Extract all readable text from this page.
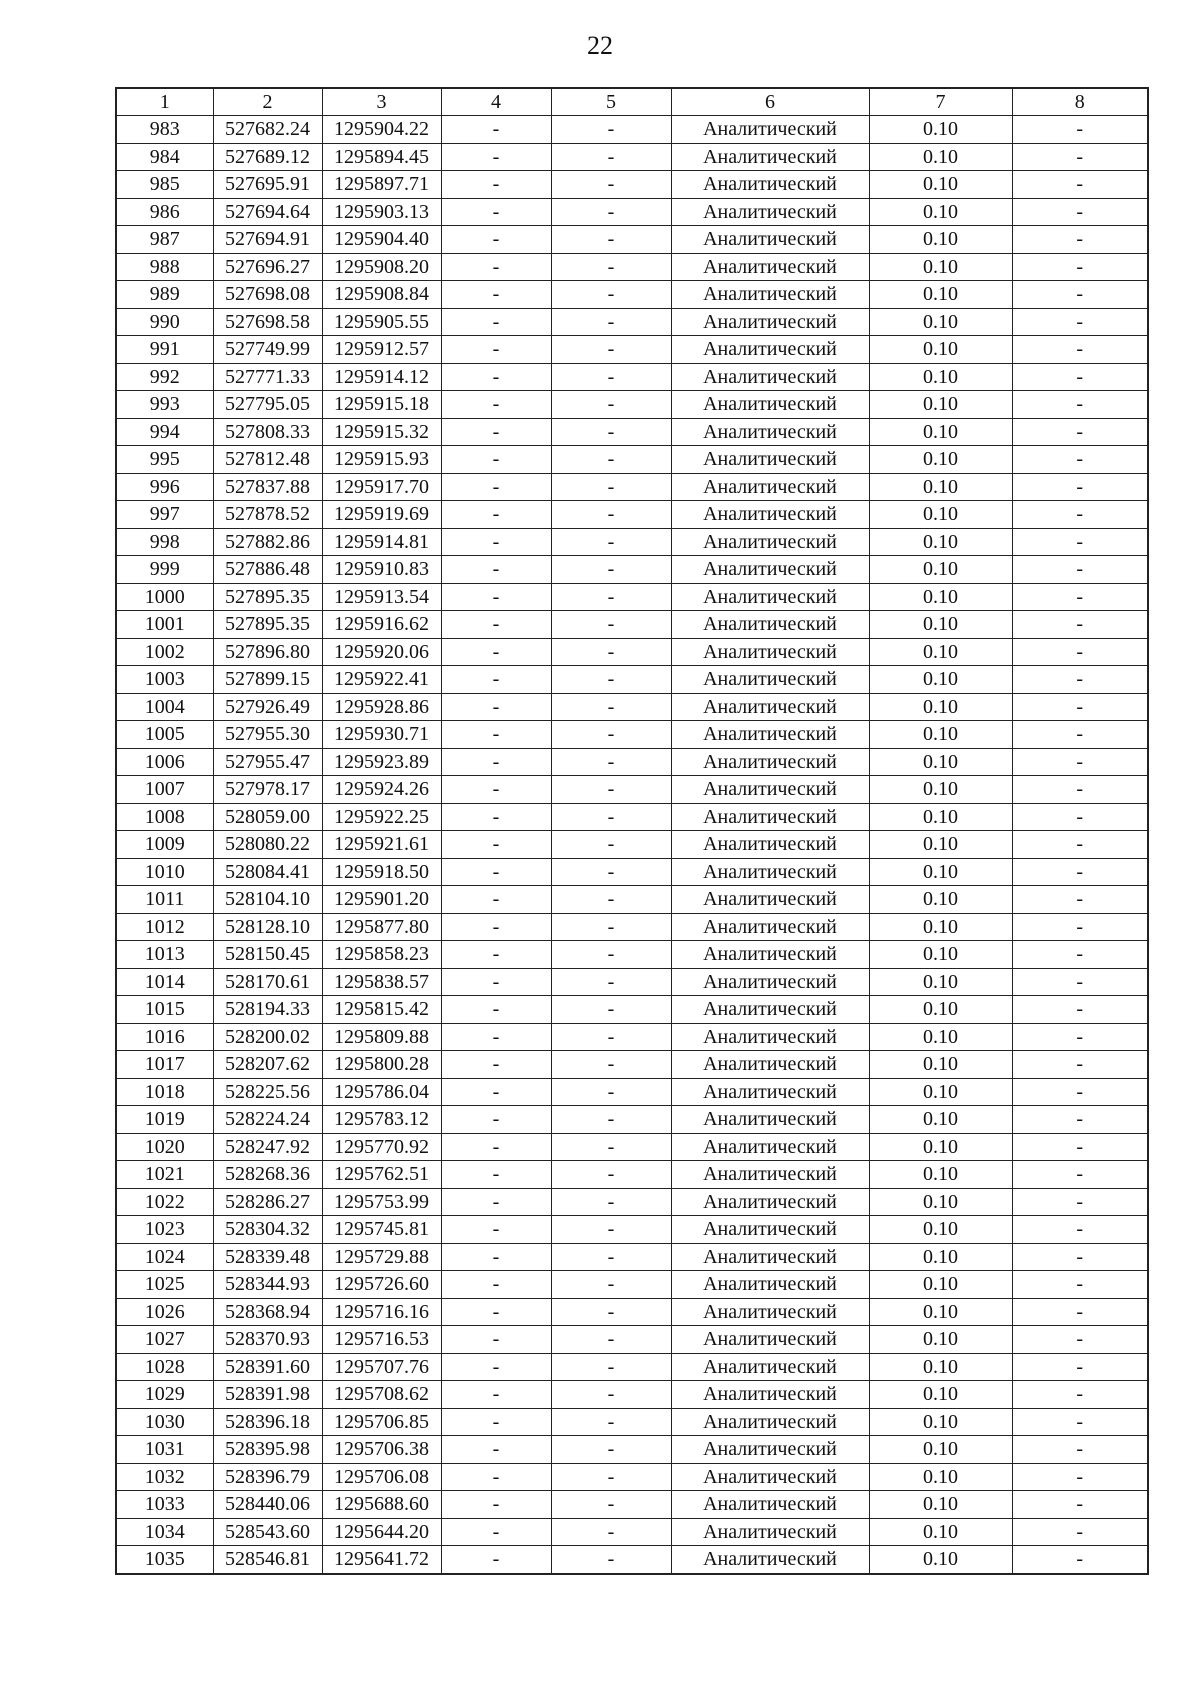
22
1	2	3	4	5	6	7	8
983	527682.24	1295904.22	-	-	Аналитический	0.10	-
984	527689.12	1295894.45	-	-	Аналитический	0.10	-
985	527695.91	1295897.71	-	-	Аналитический	0.10	-
986	527694.64	1295903.13	-	-	Аналитический	0.10	-
987	527694.91	1295904.40	-	-	Аналитический	0.10	-
988	527696.27	1295908.20	-	-	Аналитический	0.10	-
989	527698.08	1295908.84	-	-	Аналитический	0.10	-
990	527698.58	1295905.55	-	-	Аналитический	0.10	-
991	527749.99	1295912.57	-	-	Аналитический	0.10	-
992	527771.33	1295914.12	-	-	Аналитический	0.10	-
993	527795.05	1295915.18	-	-	Аналитический	0.10	-
994	527808.33	1295915.32	-	-	Аналитический	0.10	-
995	527812.48	1295915.93	-	-	Аналитический	0.10	-
996	527837.88	1295917.70	-	-	Аналитический	0.10	-
997	527878.52	1295919.69	-	-	Аналитический	0.10	-
998	527882.86	1295914.81	-	-	Аналитический	0.10	-
999	527886.48	1295910.83	-	-	Аналитический	0.10	-
1000	527895.35	1295913.54	-	-	Аналитический	0.10	-
1001	527895.35	1295916.62	-	-	Аналитический	0.10	-
1002	527896.80	1295920.06	-	-	Аналитический	0.10	-
1003	527899.15	1295922.41	-	-	Аналитический	0.10	-
1004	527926.49	1295928.86	-	-	Аналитический	0.10	-
1005	527955.30	1295930.71	-	-	Аналитический	0.10	-
1006	527955.47	1295923.89	-	-	Аналитический	0.10	-
1007	527978.17	1295924.26	-	-	Аналитический	0.10	-
1008	528059.00	1295922.25	-	-	Аналитический	0.10	-
1009	528080.22	1295921.61	-	-	Аналитический	0.10	-
1010	528084.41	1295918.50	-	-	Аналитический	0.10	-
1011	528104.10	1295901.20	-	-	Аналитический	0.10	-
1012	528128.10	1295877.80	-	-	Аналитический	0.10	-
1013	528150.45	1295858.23	-	-	Аналитический	0.10	-
1014	528170.61	1295838.57	-	-	Аналитический	0.10	-
1015	528194.33	1295815.42	-	-	Аналитический	0.10	-
1016	528200.02	1295809.88	-	-	Аналитический	0.10	-
1017	528207.62	1295800.28	-	-	Аналитический	0.10	-
1018	528225.56	1295786.04	-	-	Аналитический	0.10	-
1019	528224.24	1295783.12	-	-	Аналитический	0.10	-
1020	528247.92	1295770.92	-	-	Аналитический	0.10	-
1021	528268.36	1295762.51	-	-	Аналитический	0.10	-
1022	528286.27	1295753.99	-	-	Аналитический	0.10	-
1023	528304.32	1295745.81	-	-	Аналитический	0.10	-
1024	528339.48	1295729.88	-	-	Аналитический	0.10	-
1025	528344.93	1295726.60	-	-	Аналитический	0.10	-
1026	528368.94	1295716.16	-	-	Аналитический	0.10	-
1027	528370.93	1295716.53	-	-	Аналитический	0.10	-
1028	528391.60	1295707.76	-	-	Аналитический	0.10	-
1029	528391.98	1295708.62	-	-	Аналитический	0.10	-
1030	528396.18	1295706.85	-	-	Аналитический	0.10	-
1031	528395.98	1295706.38	-	-	Аналитический	0.10	-
1032	528396.79	1295706.08	-	-	Аналитический	0.10	-
1033	528440.06	1295688.60	-	-	Аналитический	0.10	-
1034	528543.60	1295644.20	-	-	Аналитический	0.10	-
1035	528546.81	1295641.72	-	-	Аналитический	0.10	-
